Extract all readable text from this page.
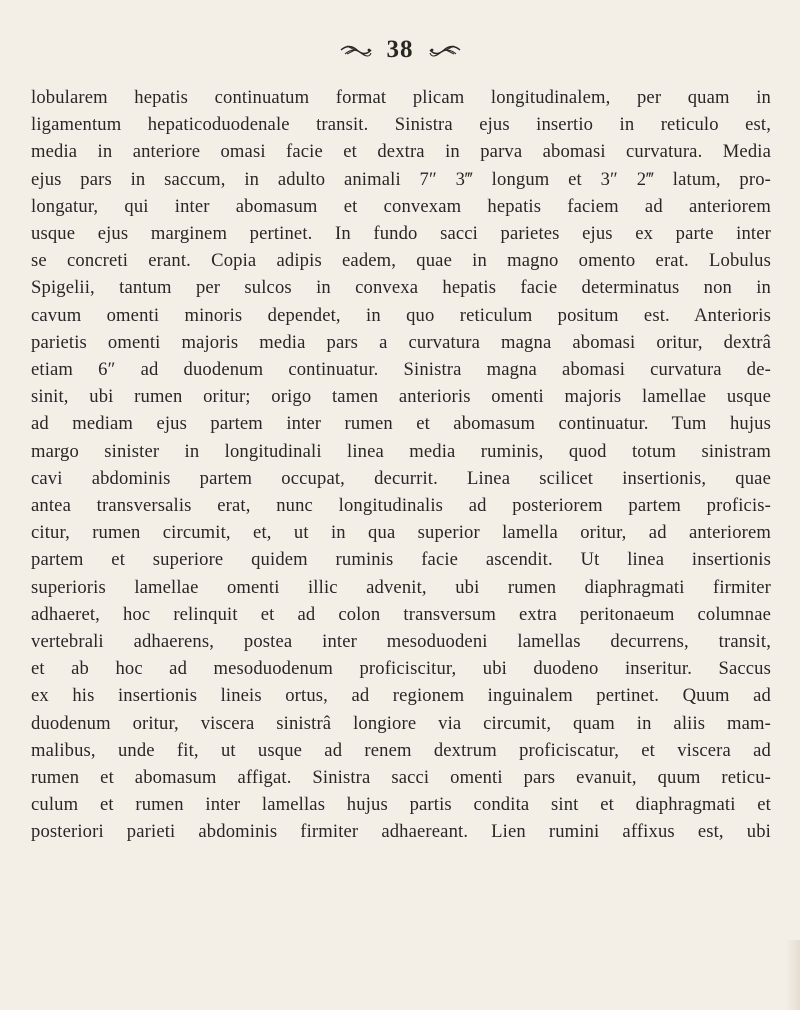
38
lobularem hepatis continuatum format plicam longitudinalem, per quam in
ligamentum hepaticoduodenale transit. Sinistra ejus insertio in reticulo est,
media in anteriore omasi facie et dextra in parva abomasi curvatura. Media
ejus pars in saccum, in adulto animali 7″ 3‴ longum et 3″ 2‴ latum, pro-
longatur, qui inter abomasum et convexam hepatis faciem ad anteriorem
usque ejus marginem pertinet. In fundo sacci parietes ejus ex parte inter
se concreti erant. Copia adipis eadem, quae in magno omento erat. Lobulus
Spigelii, tantum per sulcos in convexa hepatis facie determinatus non in
cavum omenti minoris dependet, in quo reticulum positum est. Anterioris
parietis omenti majoris media pars a curvatura magna abomasi oritur, dextrâ
etiam 6″ ad duodenum continuatur. Sinistra magna abomasi curvatura de-
sinit, ubi rumen oritur; origo tamen anterioris omenti majoris lamellae usque
ad mediam ejus partem inter rumen et abomasum continuatur. Tum hujus
margo sinister in longitudinali linea media ruminis, quod totum sinistram
cavi abdominis partem occupat, decurrit. Linea scilicet insertionis, quae
antea transversalis erat, nunc longitudinalis ad posteriorem partem proficis-
citur, rumen circumit, et, ut in qua superior lamella oritur, ad anteriorem
partem et superiore quidem ruminis facie ascendit. Ut linea insertionis
superioris lamellae omenti illic advenit, ubi rumen diaphragmati firmiter
adhaeret, hoc relinquit et ad colon transversum extra peritonaeum columnae
vertebrali adhaerens, postea inter mesoduodeni lamellas decurrens, transit,
et ab hoc ad mesoduodenum proficiscitur, ubi duodeno inseritur. Saccus
ex his insertionis lineis ortus, ad regionem inguinalem pertinet. Quum ad
duodenum oritur, viscera sinistrâ longiore via circumit, quam in aliis mam-
malibus, unde fit, ut usque ad renem dextrum proficiscatur, et viscera ad
rumen et abomasum affigat. Sinistra sacci omenti pars evanuit, quum reticu-
culum et rumen inter lamellas hujus partis condita sint et diaphragmati et
posteriori parieti abdominis firmiter adhaereant. Lien rumini affixus est, ubi
